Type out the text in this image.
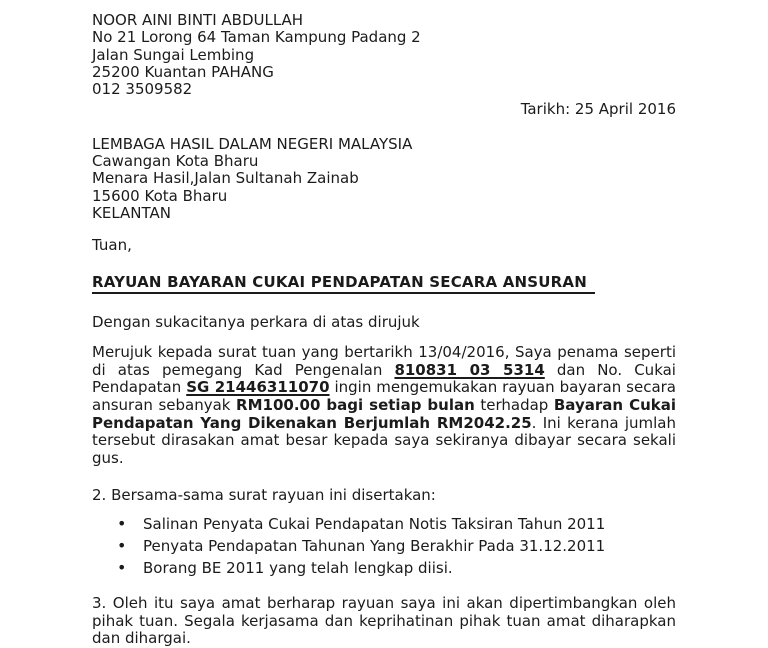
NOOR AINI BINTI ABDULLAH
No 21 Lorong 64 Taman Kampung Padang 2
Jalan Sungai Lembing
25200 Kuantan PAHANG
012 3509582
Tarikh: 25 April 2016
LEMBAGA HASIL DALAM NEGERI MALAYSIA
Cawangan Kota Bharu
Menara Hasil,Jalan Sultanah Zainab
15600 Kota Bharu
KELANTAN
Tuan,
RAYUAN BAYARAN CUKAI PENDAPATAN SECARA ANSURAN
Dengan sukacitanya perkara di atas dirujuk
Merujuk kepada surat tuan yang bertarikh 13/04/2016, Saya penama seperti di atas pemegang Kad Pengenalan 810831 03 5314 dan No. Cukai Pendapatan SG 21446311070 ingin mengemukakan rayuan bayaran secara ansuran sebanyak RM100.00 bagi setiap bulan terhadap Bayaran Cukai Pendapatan Yang Dikenakan Berjumlah RM2042.25. Ini kerana jumlah tersebut dirasakan amat besar kepada saya sekiranya dibayar secara sekali gus.
2. Bersama-sama surat rayuan ini disertakan:
• Salinan Penyata Cukai Pendapatan Notis Taksiran Tahun 2011
• Penyata Pendapatan Tahunan Yang Berakhir Pada 31.12.2011
• Borang BE 2011 yang telah lengkap diisi.
3. Oleh itu saya amat berharap rayuan saya ini akan dipertimbangkan oleh pihak tuan. Segala kerjasama dan keprihatinan pihak tuan amat diharapkan dan dihargai.
